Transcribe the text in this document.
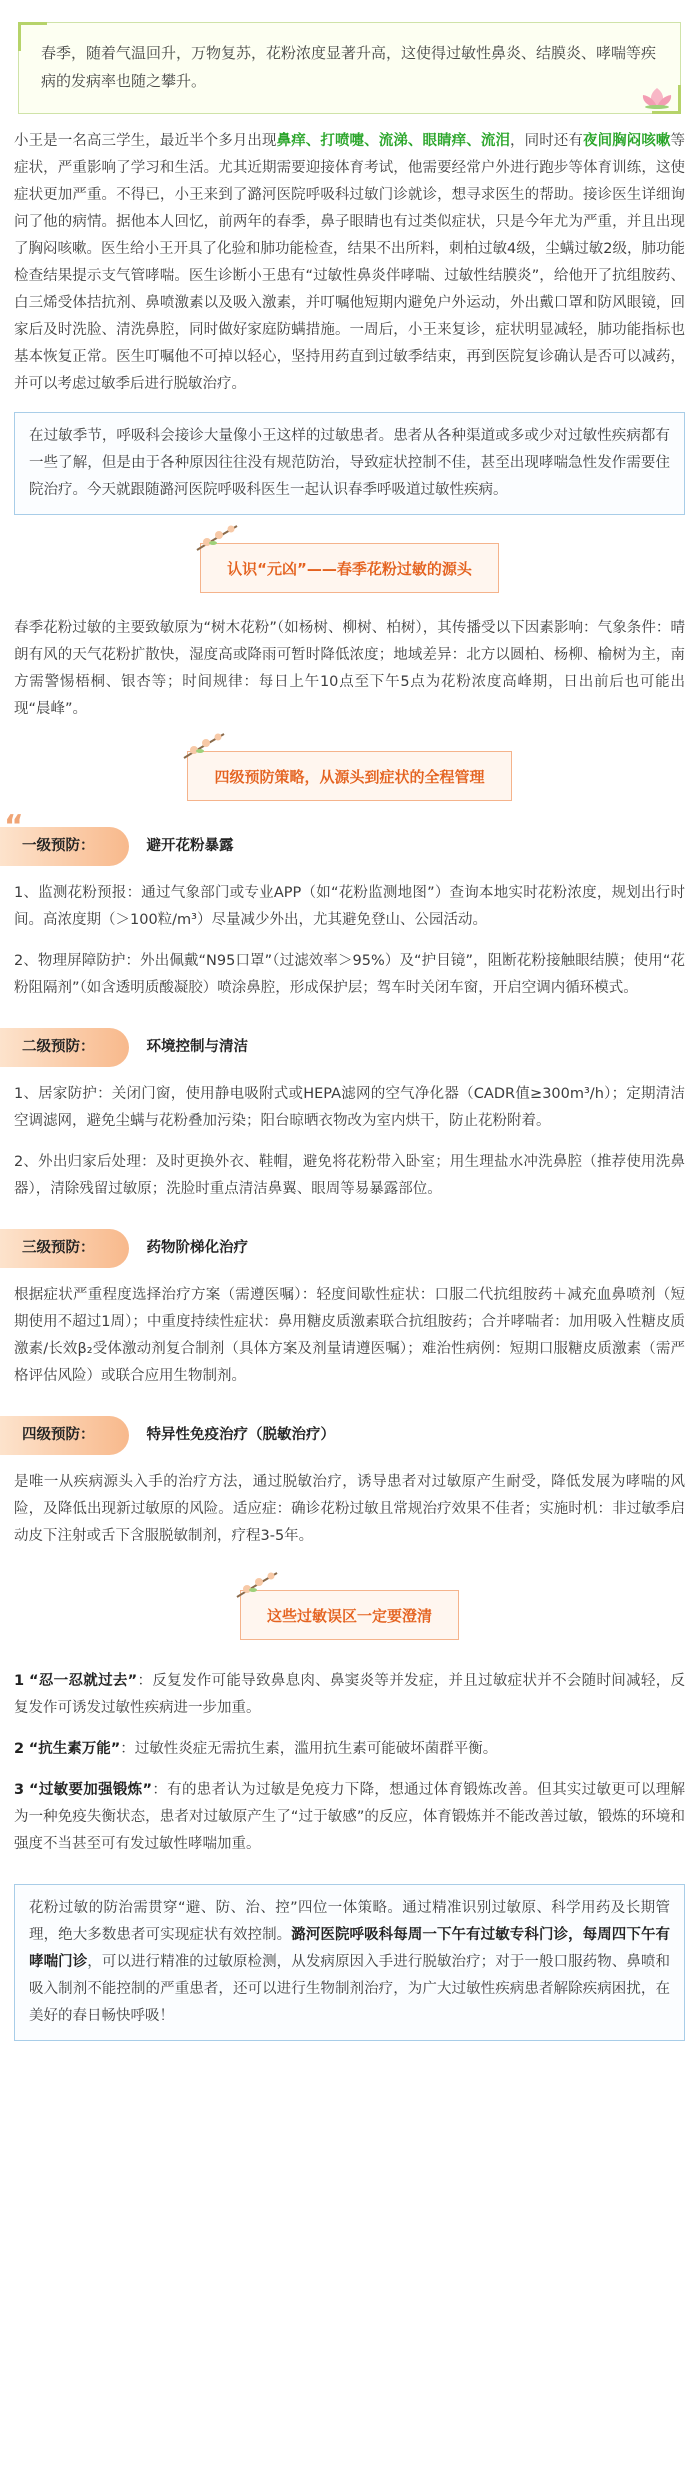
春季，随着气温回升，万物复苏，花粉浓度显著升高，这使得过敏性鼻炎、结膜炎、哮喘等疾病的发病率也随之攀升。

小王是一名高三学生，最近半个多月出现鼻痒、打喷嚏、流涕、眼睛痒、流泪，同时还有夜间胸闷咳嗽等症状，严重影响了学习和生活。尤其近期需要迎接体育考试，他需要经常户外进行跑步等体育训练，这使症状更加严重。不得已，小王来到了潞河医院呼吸科过敏门诊就诊，想寻求医生的帮助。接诊医生详细询问了他的病情。据他本人回忆，前两年的春季，鼻子眼睛也有过类似症状，只是今年尤为严重，并且出现了胸闷咳嗽。医生给小王开具了化验和肺功能检查，结果不出所料，刺柏过敏4级，尘螨过敏2级，肺功能检查结果提示支气管哮喘。医生诊断小王患有“过敏性鼻炎伴哮喘、过敏性结膜炎”，给他开了抗组胺药、白三烯受体拮抗剂、鼻喷激素以及吸入激素，并叮嘱他短期内避免户外运动，外出戴口罩和防风眼镜，回家后及时洗脸、清洗鼻腔，同时做好家庭防螨措施。一周后，小王来复诊，症状明显减轻，肺功能指标也基本恢复正常。医生叮嘱他不可掉以轻心，坚持用药直到过敏季结束，再到医院复诊确认是否可以减药，并可以考虑过敏季后进行脱敏治疗。

在过敏季节，呼吸科会接诊大量像小王这样的过敏患者。患者从各种渠道或多或少对过敏性疾病都有一些了解，但是由于各种原因往往没有规范防治，导致症状控制不佳，甚至出现哮喘急性发作需要住院治疗。今天就跟随潞河医院呼吸科医生一起认识春季呼吸道过敏性疾病。
认识“元凶”——春季花粉过敏的源头

春季花粉过敏的主要致敏原为“树木花粉”（如杨树、柳树、柏树），其传播受以下因素影响：气象条件：晴朗有风的天气花粉扩散快，湿度高或降雨可暂时降低浓度；地域差异：北方以圆柏、杨柳、榆树为主，南方需警惕梧桐、银杏等；时间规律：每日上午10点至下午5点为花粉浓度高峰期，日出前后也可能出现“晨峰”。

四级预防策略，从源头到症状的全程管理
“
一级预防：	避开花粉暴露

1、监测花粉预报：通过气象部门或专业APP（如“花粉监测地图”）查询本地实时花粉浓度，规划出行时间。高浓度期（＞100粒/m³）尽量减少外出，尤其避免登山、公园活动。

2、物理屏障防护：外出佩戴“N95口罩”（过滤效率＞95%）及“护目镜”，阻断花粉接触眼结膜；使用“花粉阻隔剂”（如含透明质酸凝胶）喷涂鼻腔，形成保护层；驾车时关闭车窗，开启空调内循环模式。

二级预防：	环境控制与清洁

1、居家防护：关闭门窗，使用静电吸附式或HEPA滤网的空气净化器（CADR值≥300m³/h）；定期清洁空调滤网，避免尘螨与花粉叠加污染；阳台晾晒衣物改为室内烘干，防止花粉附着。

2、外出归家后处理：及时更换外衣、鞋帽，避免将花粉带入卧室；用生理盐水冲洗鼻腔（推荐使用洗鼻器），清除残留过敏原；洗脸时重点清洁鼻翼、眼周等易暴露部位。

三级预防：	药物阶梯化治疗

根据症状严重程度选择治疗方案（需遵医嘱）：轻度间歇性症状：口服二代抗组胺药＋减充血鼻喷剂（短期使用不超过1周）；中重度持续性症状：鼻用糖皮质激素联合抗组胺药；合并哮喘者：加用吸入性糖皮质激素/长效β₂受体激动剂复合制剂（具体方案及剂量请遵医嘱）；难治性病例：短期口服糖皮质激素（需严格评估风险）或联合应用生物制剂。

四级预防：	特异性免疫治疗（脱敏治疗）

是唯一从疾病源头入手的治疗方法，通过脱敏治疗，诱导患者对过敏原产生耐受，降低发展为哮喘的风险，及降低出现新过敏原的风险。适应症：确诊花粉过敏且常规治疗效果不佳者；实施时机：非过敏季启动皮下注射或舌下含服脱敏制剂，疗程3-5年。

这些过敏误区一定要澄清

1 “忍一忍就过去”：反复发作可能导致鼻息肉、鼻窦炎等并发症，并且过敏症状并不会随时间减轻，反复发作可诱发过敏性疾病进一步加重。

2 “抗生素万能”：过敏性炎症无需抗生素，滥用抗生素可能破坏菌群平衡。

3 “过敏要加强锻炼”：有的患者认为过敏是免疫力下降，想通过体育锻炼改善。但其实过敏更可以理解为一种免疫失衡状态，患者对过敏原产生了“过于敏感”的反应，体育锻炼并不能改善过敏，锻炼的环境和强度不当甚至可有发过敏性哮喘加重。

花粉过敏的防治需贯穿“避、防、治、控”四位一体策略。通过精准识别过敏原、科学用药及长期管理，绝大多数患者可实现症状有效控制。潞河医院呼吸科每周一下午有过敏专科门诊，每周四下午有哮喘门诊，可以进行精准的过敏原检测，从发病原因入手进行脱敏治疗；对于一般口服药物、鼻喷和吸入制剂不能控制的严重患者，还可以进行生物制剂治疗，为广大过敏性疾病患者解除疾病困扰，在美好的春日畅快呼吸！
